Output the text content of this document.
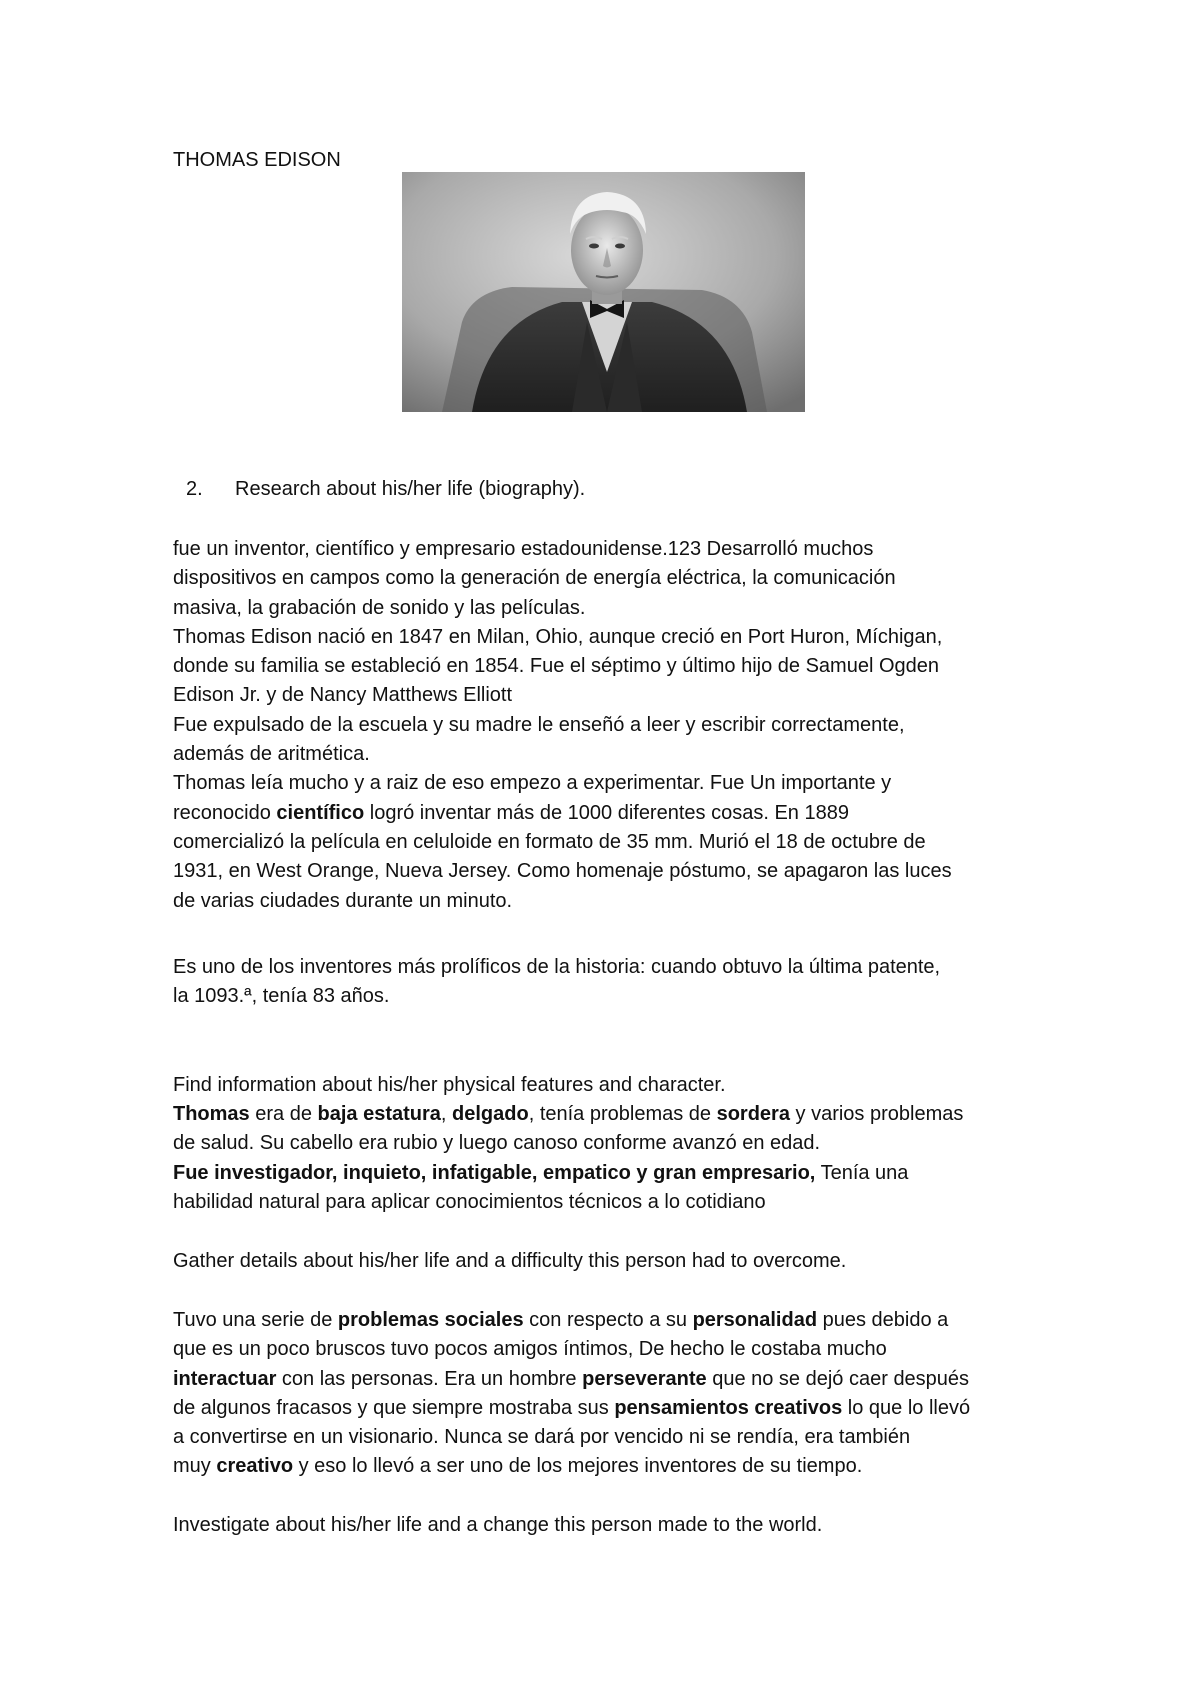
THOMAS EDISON

2. Research about his/her life (biography).
fue un inventor, científico y empresario estadounidense.123 Desarrolló muchos
dispositivos en campos como la generación de energía eléctrica, la comunicación
masiva, la grabación de sonido y las películas.
Thomas Edison nació en 1847 en Milan, Ohio, aunque creció en Port Huron, Míchigan,
donde su familia se estableció en 1854. Fue el séptimo y último hijo de Samuel Ogden
Edison Jr. y de Nancy Matthews Elliott
Fue expulsado de la escuela y su madre le enseñó a leer y escribir correctamente,
además de aritmética.
Thomas leía mucho y a raiz de eso empezo a experimentar. Fue Un importante y
reconocido científico logró inventar más de 1000 diferentes cosas. En 1889
comercializó la película en celuloide en formato de 35 mm. Murió el 18 de octubre de
1931, en West Orange, Nueva Jersey. Como homenaje póstumo, se apagaron las luces
de varias ciudades durante un minuto.
Es uno de los inventores más prolíficos de la historia: cuando obtuvo la última patente,
la 1093.ª, tenía 83 años.

Find information about his/her physical features and character.

Thomas era de baja estatura, delgado, tenía problemas de sordera y varios problemas
de salud. Su cabello era rubio y luego canoso conforme avanzó en edad.
Fue investigador, inquieto, infatigable, empatico y gran empresario, Tenía una
habilidad natural para aplicar conocimientos técnicos a lo cotidiano

Gather details about his/her life and a difficulty this person had to overcome.

Tuvo una serie de problemas sociales con respecto a su personalidad pues debido a
que es un poco bruscos tuvo pocos amigos íntimos, De hecho le costaba mucho
interactuar con las personas. Era un hombre perseverante que no se dejó caer después
de algunos fracasos y que siempre mostraba sus pensamientos creativos lo que lo llevó
a convertirse en un visionario. Nunca se dará por vencido ni se rendía, era también
muy creativo y eso lo llevó a ser uno de los mejores inventores de su tiempo.

Investigate about his/her life and a change this person made to the world.
